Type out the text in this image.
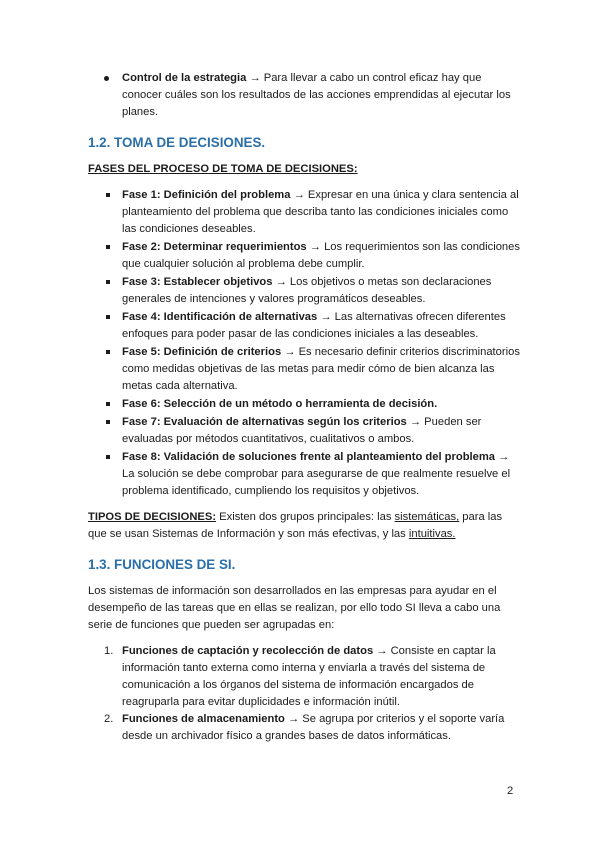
Control de la estrategia → Para llevar a cabo un control eficaz hay que conocer cuáles son los resultados de las acciones emprendidas al ejecutar los planes.
1.2. TOMA DE DECISIONES.

FASES DEL PROCESO DE TOMA DE DECISIONES:

Fase 1: Definición del problema → Expresar en una única y clara sentencia al planteamiento del problema que describa tanto las condiciones iniciales como las condiciones deseables.
Fase 2: Determinar requerimientos → Los requerimientos son las condiciones que cualquier solución al problema debe cumplir.
Fase 3: Establecer objetivos → Los objetivos o metas son declaraciones generales de intenciones y valores programáticos deseables.
Fase 4: Identificación de alternativas → Las alternativas ofrecen diferentes enfoques para poder pasar de las condiciones iniciales a las deseables.
Fase 5: Definición de criterios → Es necesario definir criterios discriminatorios como medidas objetivas de las metas para medir cómo de bien alcanza las metas cada alternativa.
Fase 6: Selección de un método o herramienta de decisión.
Fase 7: Evaluación de alternativas según los criterios → Pueden ser evaluadas por métodos cuantitativos, cualitativos o ambos.
Fase 8: Validación de soluciones frente al planteamiento del problema → La solución se debe comprobar para asegurarse de que realmente resuelve el problema identificado, cumpliendo los requisitos y objetivos.

TIPOS DE DECISIONES: Existen dos grupos principales: las sistemáticas, para las que se usan Sistemas de Información y son más efectivas, y las intuitivas.

1.3. FUNCIONES DE SI.

Los sistemas de información son desarrollados en las empresas para ayudar en el desempeño de las tareas que en ellas se realizan, por ello todo SI lleva a cabo una serie de funciones que pueden ser agrupadas en:

1. Funciones de captación y recolección de datos → Consiste en captar la información tanto externa como interna y enviarla a través del sistema de comunicación a los órganos del sistema de información encargados de reagruparla para evitar duplicidades e información inútil.
2. Funciones de almacenamiento → Se agrupa por criterios y el soporte varía desde un archivador físico a grandes bases de datos informáticas.
2
